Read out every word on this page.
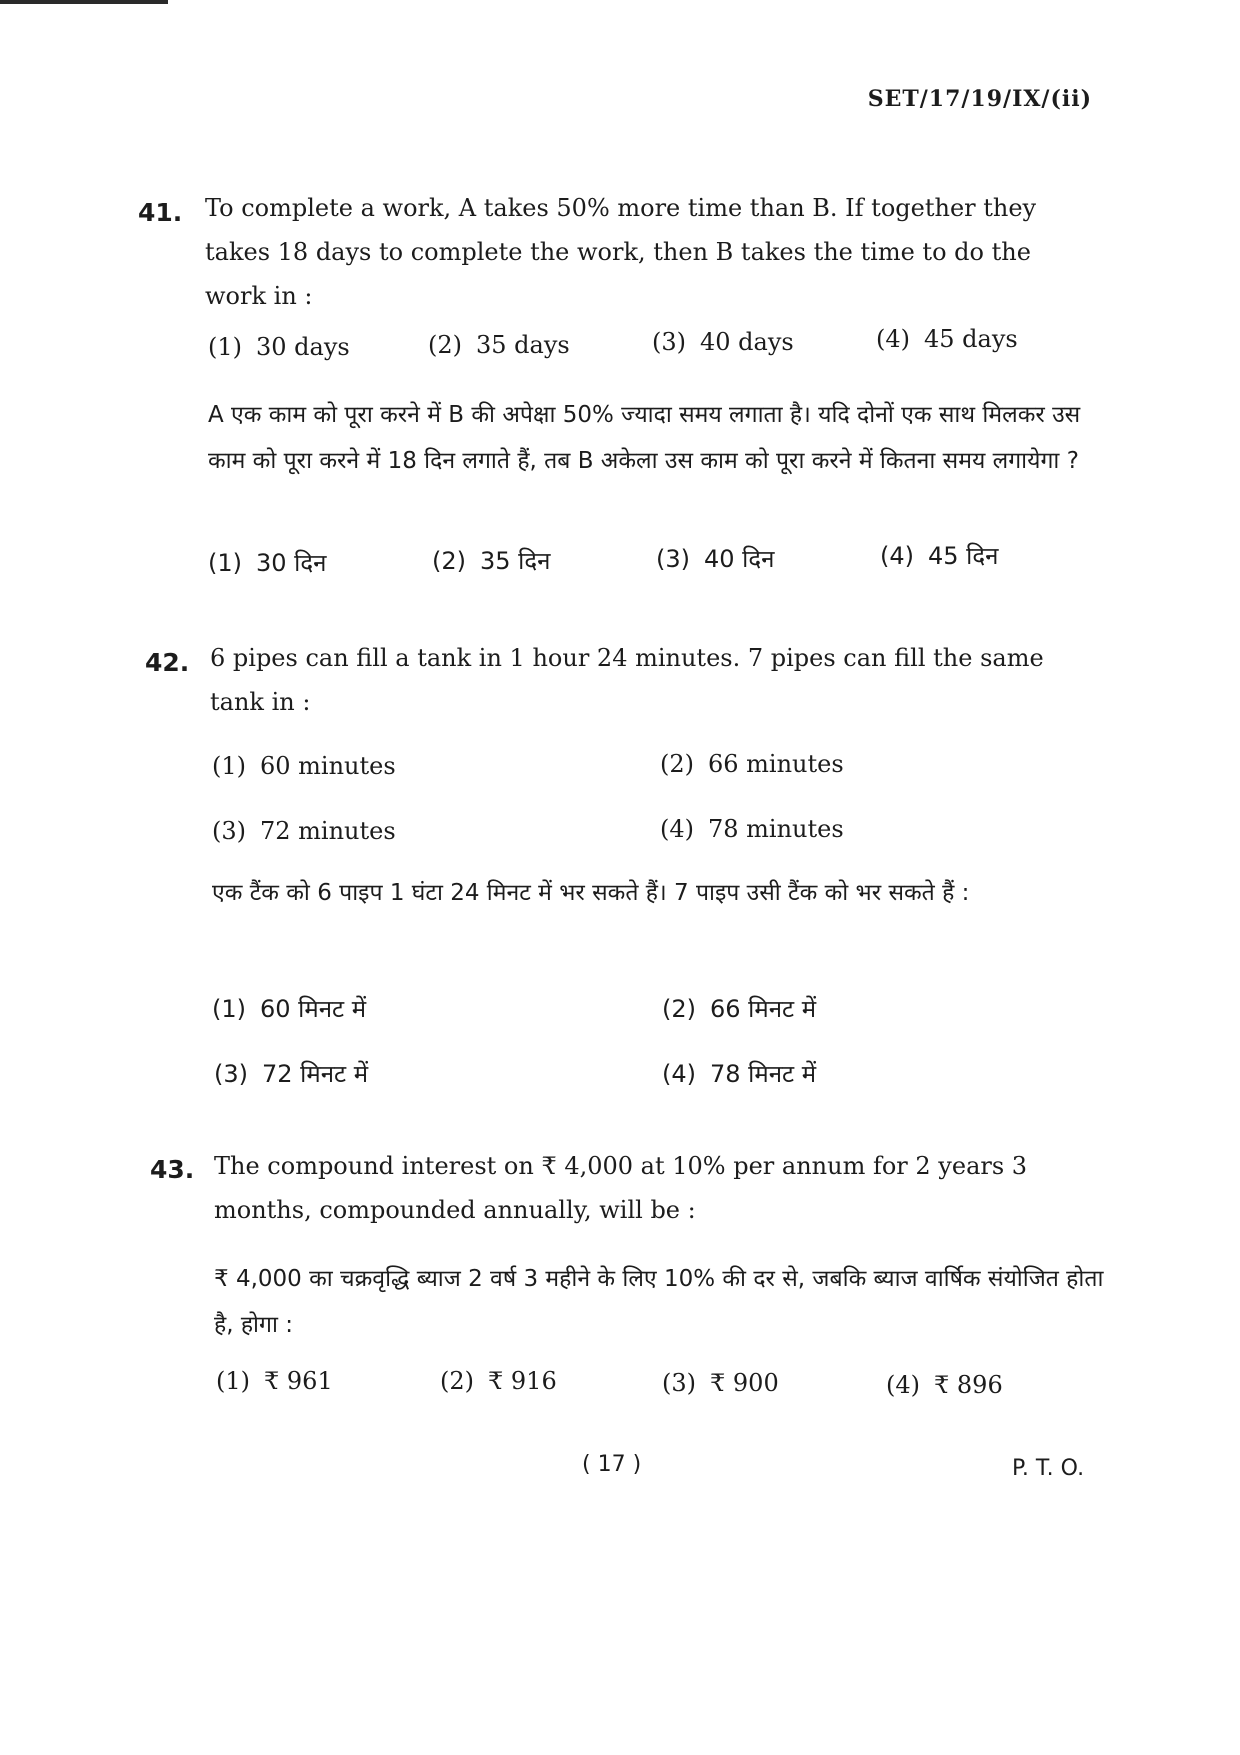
SET/17/19/IX/(ii)
41. To complete a work, A takes 50% more time than B. If together they takes 18 days to complete the work, then B takes the time to do the work in :

(1) 30 days	(2) 35 days	(3) 40 days	(4) 45 days

A एक काम को पूरा करने में B की अपेक्षा 50% ज्यादा समय लगाता है। यदि दोनों एक साथ मिलकर उस काम को पूरा करने में 18 दिन लगाते हैं, तब B अकेला उस काम को पूरा करने में कितना समय लगायेगा ?

(1) 30 दिन	(2) 35 दिन	(3) 40 दिन	(4) 45 दिन
42. 6 pipes can fill a tank in 1 hour 24 minutes. 7 pipes can fill the same tank in :

(1) 60 minutes	(2) 66 minutes
(3) 72 minutes	(4) 78 minutes

एक टैंक को 6 पाइप 1 घंटा 24 मिनट में भर सकते हैं। 7 पाइप उसी टैंक को भर सकते हैं :

(1) 60 मिनट में	(2) 66 मिनट में
(3) 72 मिनट में	(4) 78 मिनट में
43. The compound interest on ₹ 4,000 at 10% per annum for 2 years 3 months, compounded annually, will be :

₹ 4,000 का चक्रवृद्धि ब्याज 2 वर्ष 3 महीने के लिए 10% की दर से, जबकि ब्याज वार्षिक संयोजित होता है, होगा :

(1) ₹ 961	(2) ₹ 916	(3) ₹ 900	(4) ₹ 896
( 17 )	P. T. O.
